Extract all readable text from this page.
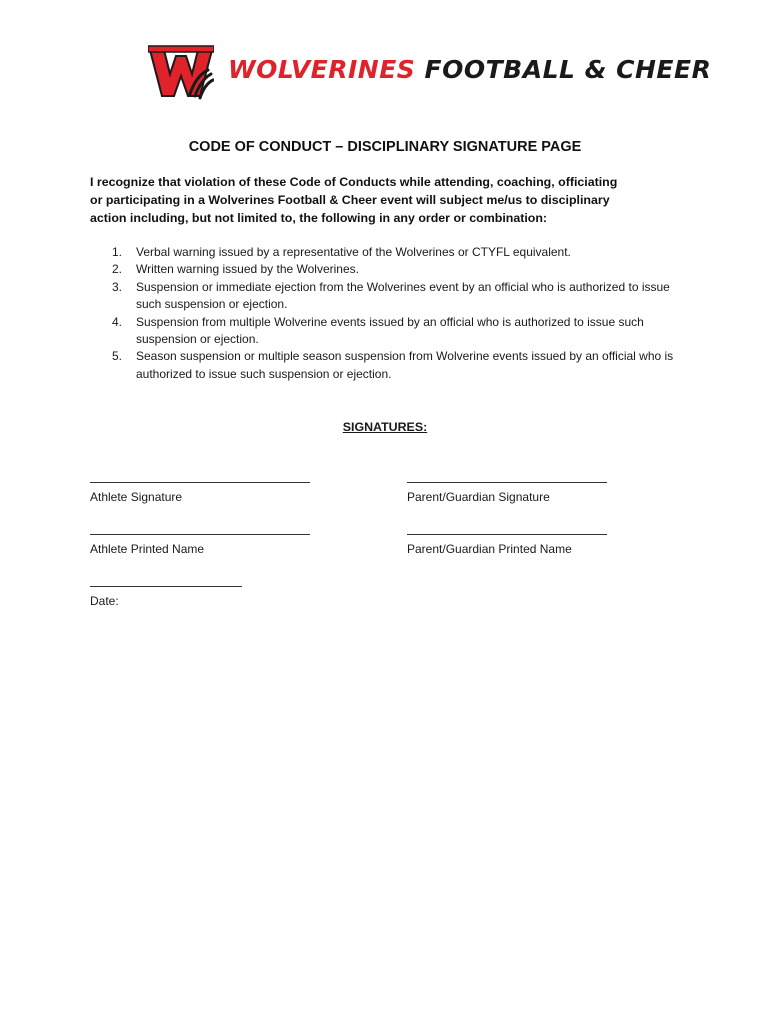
WOLVERINES FOOTBALL & CHEER
CODE OF CONDUCT – DISCIPLINARY SIGNATURE PAGE

I recognize that violation of these Code of Conducts while attending, coaching, officiating or participating in a Wolverines Football & Cheer event will subject me/us to disciplinary action including, but not limited to, the following in any order or combination:

1. Verbal warning issued by a representative of the Wolverines or CTYFL equivalent.
2. Written warning issued by the Wolverines.
3. Suspension or immediate ejection from the Wolverines event by an official who is authorized to issue such suspension or ejection.
4. Suspension from multiple Wolverine events issued by an official who is authorized to issue such suspension or ejection.
5. Season suspension or multiple season suspension from Wolverine events issued by an official who is authorized to issue such suspension or ejection.
SIGNATURES:
Athlete Signature	Parent/Guardian Signature
Athlete Printed Name	Parent/Guardian Printed Name
Date:
